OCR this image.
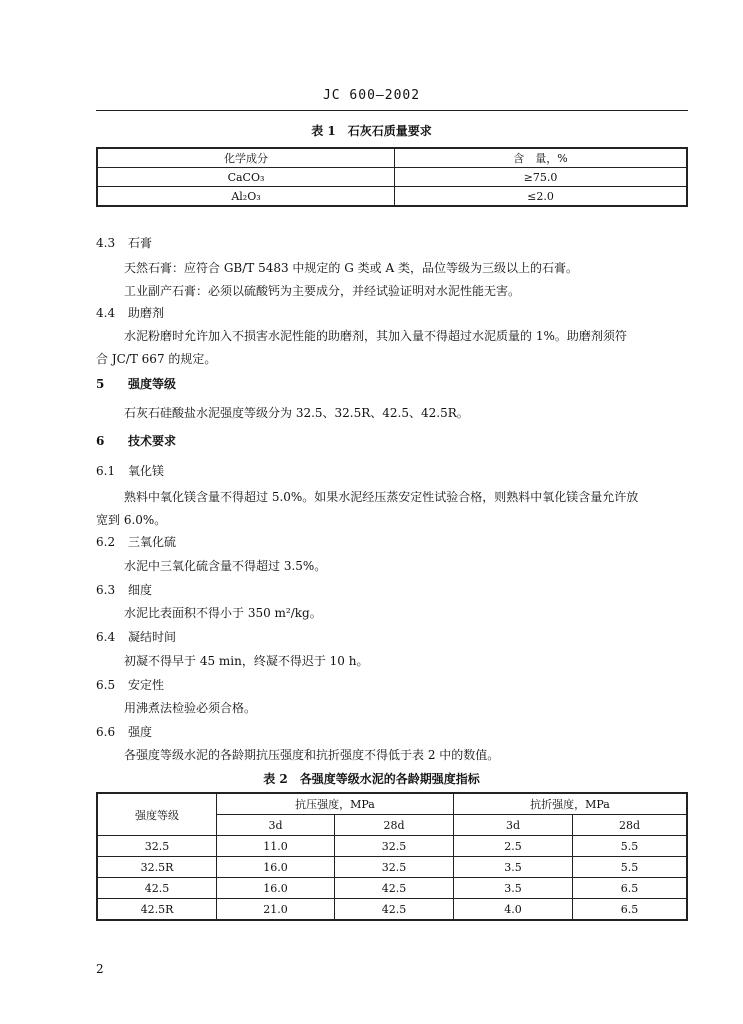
JC 600—2002
表 1　石灰石质量要求
化学成分	含　量，%
CaCO₃	≥75.0
Al₂O₃	≤2.0
4.3 石膏
天然石膏：应符合 GB/T 5483 中规定的 G 类或 A 类，品位等级为三级以上的石膏。
工业副产石膏：必须以硫酸钙为主要成分，并经试验证明对水泥性能无害。
4.4 助磨剂
水泥粉磨时允许加入不损害水泥性能的助磨剂，其加入量不得超过水泥质量的 1%。助磨剂须符
合 JC/T 667 的规定。
5 强度等级
石灰石硅酸盐水泥强度等级分为 32.5、32.5R、42.5、42.5R。
6 技术要求
6.1 氧化镁
熟料中氧化镁含量不得超过 5.0%。如果水泥经压蒸安定性试验合格，则熟料中氧化镁含量允许放
宽到 6.0%。
6.2 三氧化硫
水泥中三氧化硫含量不得超过 3.5%。
6.3 细度
水泥比表面积不得小于 350 m²/kg。
6.4 凝结时间
初凝不得早于 45 min，终凝不得迟于 10 h。
6.5 安定性
用沸煮法检验必须合格。
6.6 强度
各强度等级水泥的各龄期抗压强度和抗折强度不得低于表 2 中的数值。
表 2　各强度等级水泥的各龄期强度指标
强度等级	抗压强度，MPa		抗折强度，MPa	
	3d	28d	3d	28d
32.5	11.0	32.5	2.5	5.5
32.5R	16.0	32.5	3.5	5.5
42.5	16.0	42.5	3.5	6.5
42.5R	21.0	42.5	4.0	6.5
2
